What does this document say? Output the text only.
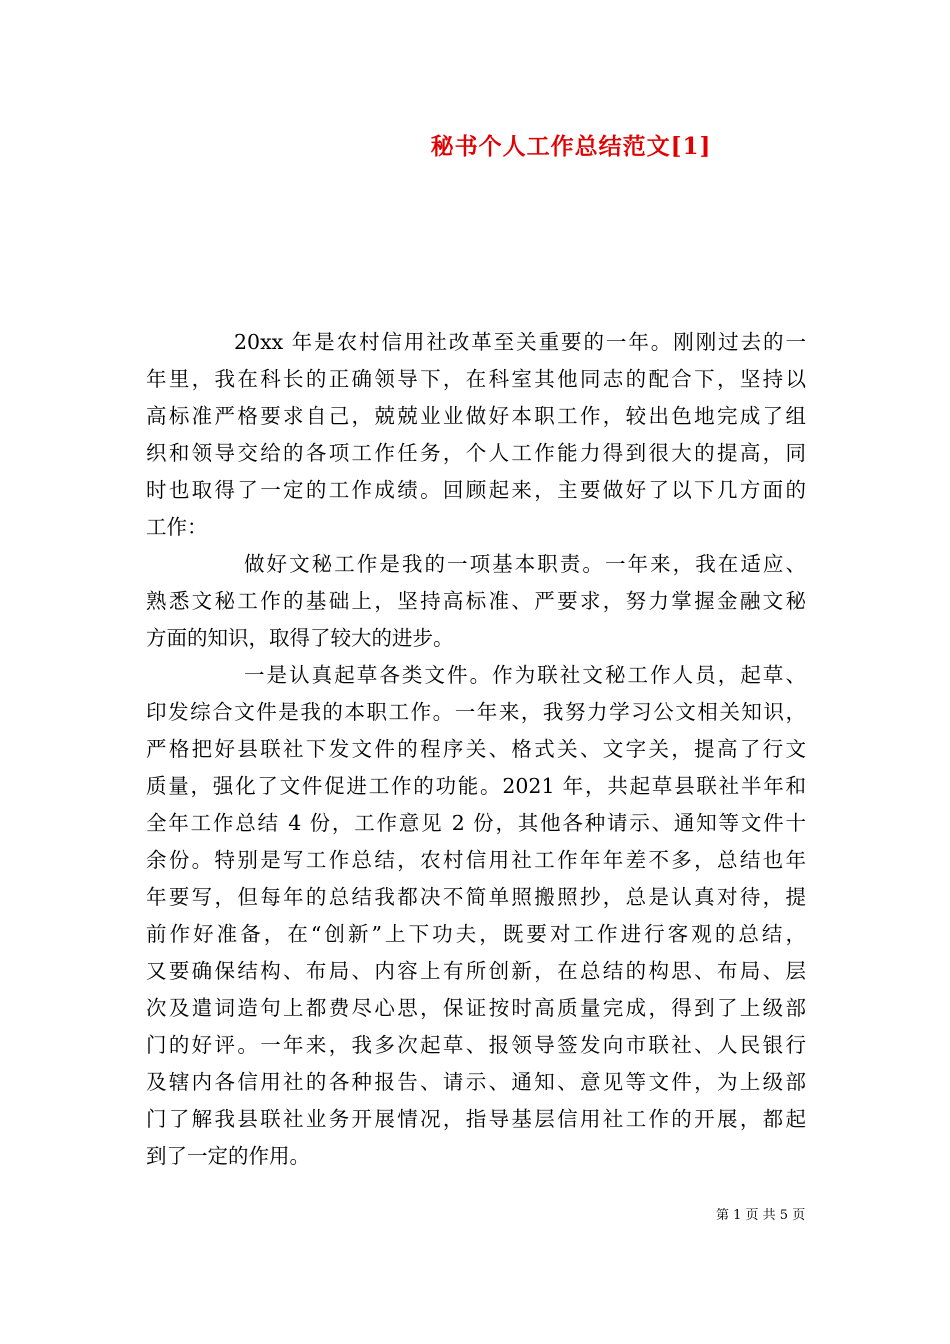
秘书个人工作总结范文[1]
20xx 年是农村信用社改革至关重要的一年。刚刚过去的一
年里，我在科长的正确领导下，在科室其他同志的配合下，坚持以
高标准严格要求自己，兢兢业业做好本职工作，较出色地完成了组
织和领导交给的各项工作任务，个人工作能力得到很大的提高，同
时也取得了一定的工作成绩。回顾起来，主要做好了以下几方面的
工作：
做好文秘工作是我的一项基本职责。一年来，我在适应、
熟悉文秘工作的基础上，坚持高标准、严要求，努力掌握金融文秘
方面的知识，取得了较大的进步。
一是认真起草各类文件。作为联社文秘工作人员，起草、
印发综合文件是我的本职工作。一年来，我努力学习公文相关知识，
严格把好县联社下发文件的程序关、格式关、文字关，提高了行文
质量，强化了文件促进工作的功能。2021 年，共起草县联社半年和
全年工作总结 4 份，工作意见 2 份，其他各种请示、通知等文件十
余份。特别是写工作总结，农村信用社工作年年差不多，总结也年
年要写，但每年的总结我都决不简单照搬照抄，总是认真对待，提
前作好准备，在“创新”上下功夫，既要对工作进行客观的总结，
又要确保结构、布局、内容上有所创新，在总结的构思、布局、层
次及遣词造句上都费尽心思，保证按时高质量完成，得到了上级部
门的好评。一年来，我多次起草、报领导签发向市联社、人民银行
及辖内各信用社的各种报告、请示、通知、意见等文件，为上级部
门了解我县联社业务开展情况，指导基层信用社工作的开展，都起
到了一定的作用。
第 1 页 共 5 页
